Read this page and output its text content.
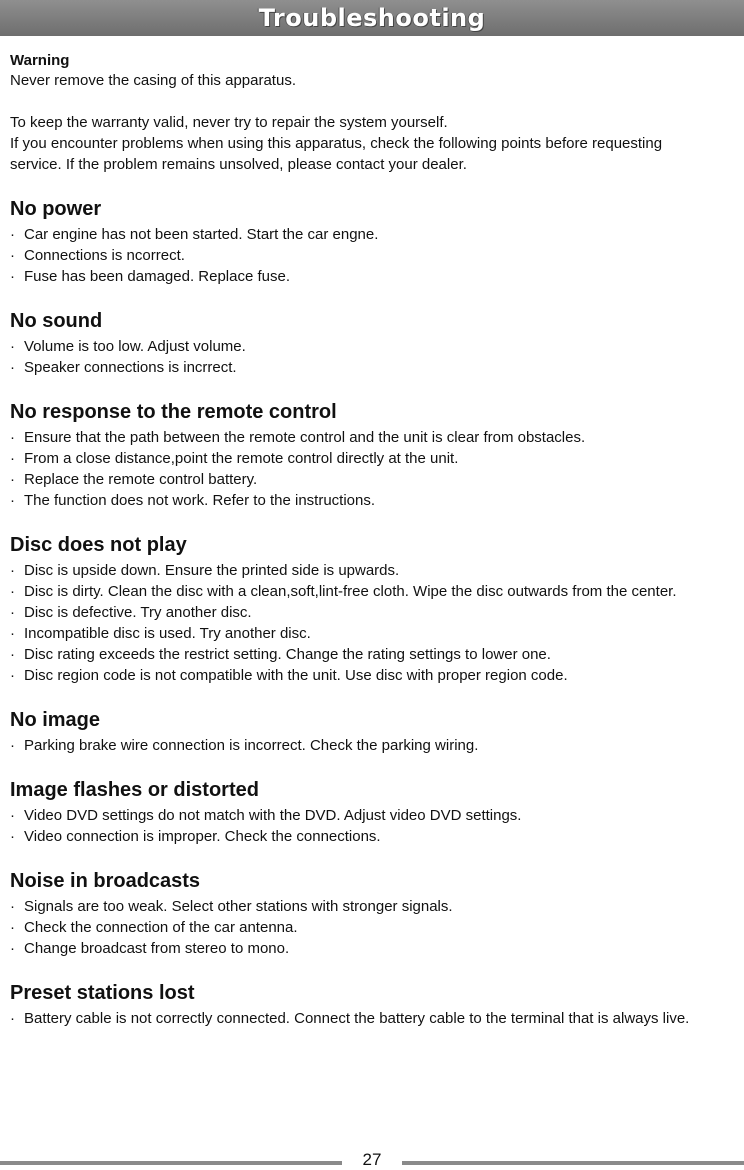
Troubleshooting
Warning
Never remove the casing of this apparatus.
To keep the warranty valid, never try to repair the system yourself.
If you encounter problems when using this apparatus, check the following points before requesting
service. If the problem remains unsolved, please contact your dealer.
No power
· Car engine has not been started. Start the car engne.
· Connections is ncorrect.
· Fuse has been damaged. Replace fuse.
No sound
· Volume is too low. Adjust volume.
· Speaker connections is incrrect.
No response to the remote control
· Ensure that the path between the remote control and the unit is clear from obstacles.
· From a close distance,point the remote control directly at the unit.
· Replace the remote control battery.
· The function does not work. Refer to the instructions.
Disc does not play
· Disc is upside down. Ensure the printed side is upwards.
· Disc is dirty. Clean the disc with a clean,soft,lint-free cloth. Wipe the disc outwards from the center.
· Disc is defective. Try another disc.
· Incompatible disc is used. Try another disc.
· Disc rating exceeds the restrict setting. Change the rating settings to lower one.
· Disc region code is not compatible with the unit. Use disc with proper region code.
No image
· Parking brake wire connection is incorrect. Check the parking wiring.
Image flashes or distorted
· Video DVD settings do not match with the DVD. Adjust video DVD settings.
· Video connection is improper. Check the connections.
Noise in broadcasts
· Signals are too weak. Select other stations with stronger signals.
· Check the connection of the car antenna.
· Change broadcast from stereo to mono.
Preset stations lost
· Battery cable is not correctly connected. Connect the battery cable to the terminal that is always live.
27
